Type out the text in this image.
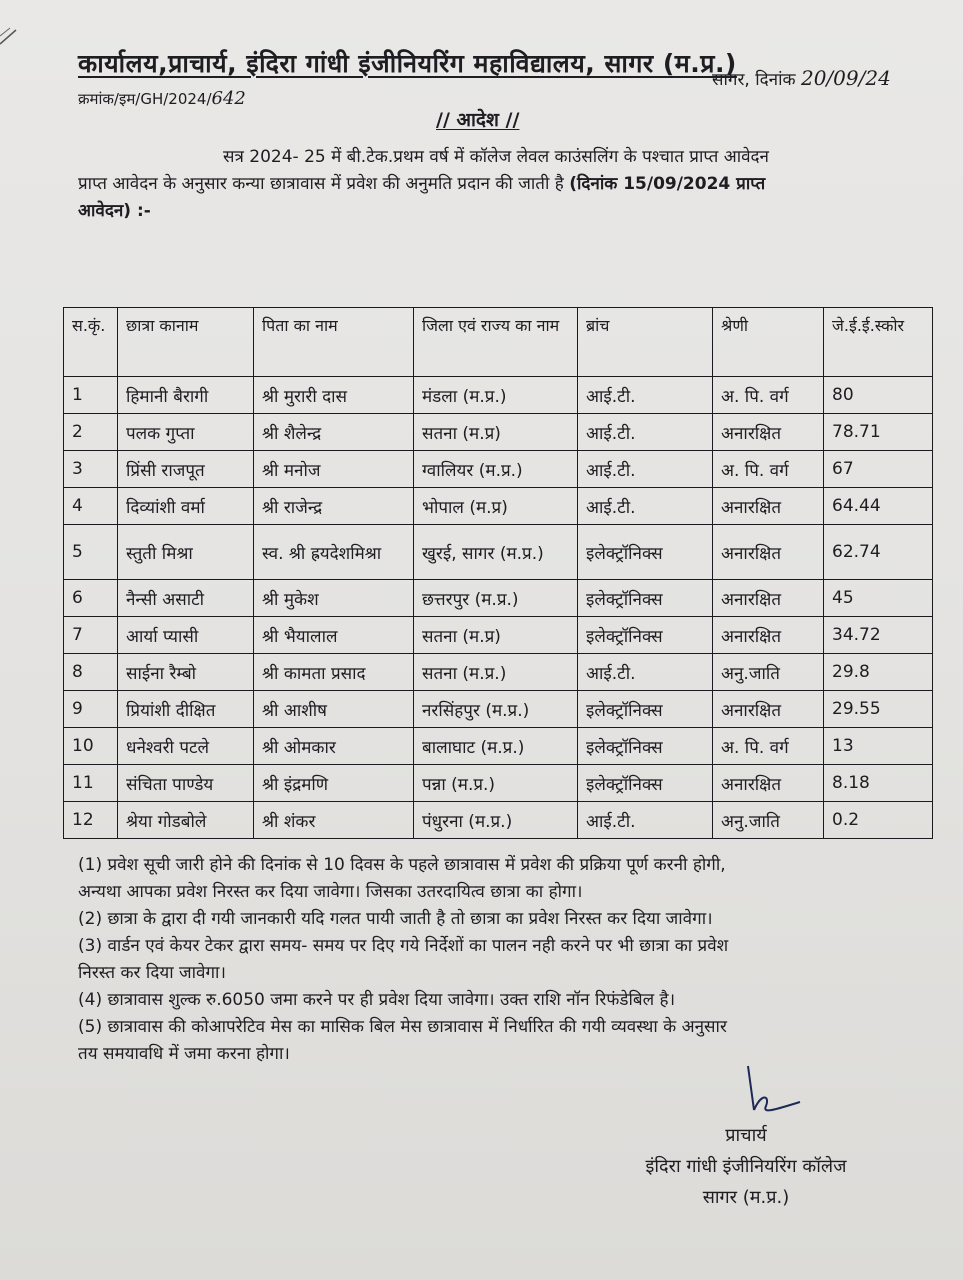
कार्यालय,प्राचार्य, इंदिरा गांधी इंजीनियरिंग महाविद्यालय, सागर (म.प्र.)
सागर, दिनांक 20/09/24
क्रमांक/इम/GH/2024/642
// आदेश //

सत्र 2024- 25 में बी.टेक.प्रथम वर्ष में कॉलेज लेवल काउंसलिंग के पश्चात प्राप्त आवेदन

प्राप्त आवेदन के अनुसार कन्या छात्रावास में प्रवेश की अनुमति प्रदान की जाती है (दिनांक 15/09/2024 प्राप्त

आवेदन) :-

स.कृं.	छात्रा कानाम	पिता का नाम	जिला एवं राज्य का नाम	ब्रांच	श्रेणी	जे.ई.ई.स्कोर
1	हिमानी बैरागी	श्री मुरारी दास	मंडला (म.प्र.)	आई.टी.	अ. पि. वर्ग	80
2	पलक गुप्ता	श्री शैलेन्द्र	सतना (म.प्र)	आई.टी.	अनारक्षित	78.71
3	प्रिंसी राजपूत	श्री मनोज	ग्वालियर (म.प्र.)	आई.टी.	अ. पि. वर्ग	67
4	दिव्यांशी वर्मा	श्री राजेन्द्र	भोपाल (म.प्र)	आई.टी.	अनारक्षित	64.44
5	स्तुती मिश्रा	स्व. श्री ह्रयदेशमिश्रा	खुरई, सागर (म.प्र.)	इलेक्ट्रॉनिक्स	अनारक्षित	62.74
6	नैन्सी असाटी	श्री मुकेश	छत्तरपुर (म.प्र.)	इलेक्ट्रॉनिक्स	अनारक्षित	45
7	आर्या प्यासी	श्री भैयालाल	सतना (म.प्र)	इलेक्ट्रॉनिक्स	अनारक्षित	34.72
8	साईना रैम्बो	श्री कामता प्रसाद	सतना (म.प्र.)	आई.टी.	अनु.जाति	29.8
9	प्रियांशी दीक्षित	श्री आशीष	नरसिंहपुर (म.प्र.)	इलेक्ट्रॉनिक्स	अनारक्षित	29.55
10	धनेश्वरी पटले	श्री ओमकार	बालाघाट (म.प्र.)	इलेक्ट्रॉनिक्स	अ. पि. वर्ग	13
11	संचिता पाण्डेय	श्री इंद्रमणि	पन्ना (म.प्र.)	इलेक्ट्रॉनिक्स	अनारक्षित	8.18
12	श्रेया गोडबोले	श्री शंकर	पंधुरना (म.प्र.)	आई.टी.	अनु.जाति	0.2

(1) प्रवेश सूची जारी होने की दिनांक से 10 दिवस के पहले छात्रावास में प्रवेश की प्रक्रिया पूर्ण करनी होगी,

अन्यथा आपका प्रवेश निरस्त कर दिया जावेगा। जिसका उतरदायित्व छात्रा का होगा।

(2) छात्रा के द्वारा दी गयी जानकारी यदि गलत पायी जाती है तो छात्रा का प्रवेश निरस्त कर दिया जावेगा।

(3) वार्डन एवं केयर टेकर द्वारा समय- समय पर दिए गये निर्देशों का पालन नही करने पर भी छात्रा का प्रवेश

निरस्त कर दिया जावेगा।

(4) छात्रावास शुल्क रु.6050 जमा करने पर ही प्रवेश दिया जावेगा। उक्त राशि नॉन रिफंडेबिल है।

(5) छात्रावास की कोआपरेटिव मेस का मासिक बिल मेस छात्रावास में निर्धारित की गयी व्यवस्था के अनुसार

तय समयावधि में जमा करना होगा।

प्राचार्य
इंदिरा गांधी इंजीनियरिंग कॉलेज
सागर (म.प्र.)
